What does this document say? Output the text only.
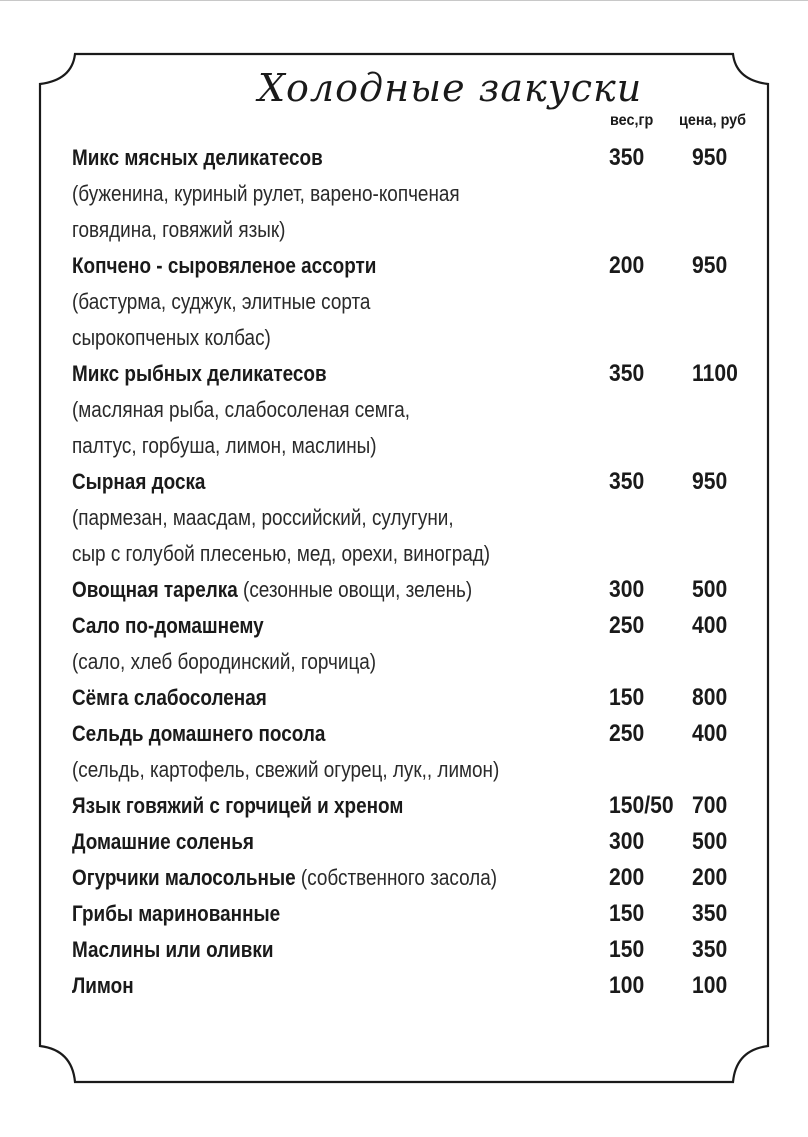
Холодные закуски
вес,гр цена, руб
Микс мясных деликатесов	350 950
(буженина, куриный рулет, варено-копченая
говядина, говяжий язык)
Копчено - сыровяленое ассорти	200 950
(бастурма, суджук, элитные сорта
сырокопченых колбас)
Микс рыбных деликатесов	350 1100
(масляная рыба, слабосоленая семга,
палтус, горбуша, лимон, маслины)
Сырная доска	350 950
(пармезан, маасдам, российский, сулугуни,
сыр с голубой плесенью, мед, орехи, виноград)
Овощная тарелка (сезонные овощи, зелень)	300 500
Сало по-домашнему	250 400
(сало, хлеб бородинский, горчица)
Сёмга слабосоленая	150 800
Сельдь домашнего посола	250 400
(сельдь, картофель, свежий огурец, лук,, лимон)
Язык говяжий с горчицей и хреном	150/50 700
Домашние соленья	300 500
Огурчики малосольные (собственного засола)	200 200
Грибы маринованные	150 350
Маслины или оливки	150 350
Лимон	100 100
